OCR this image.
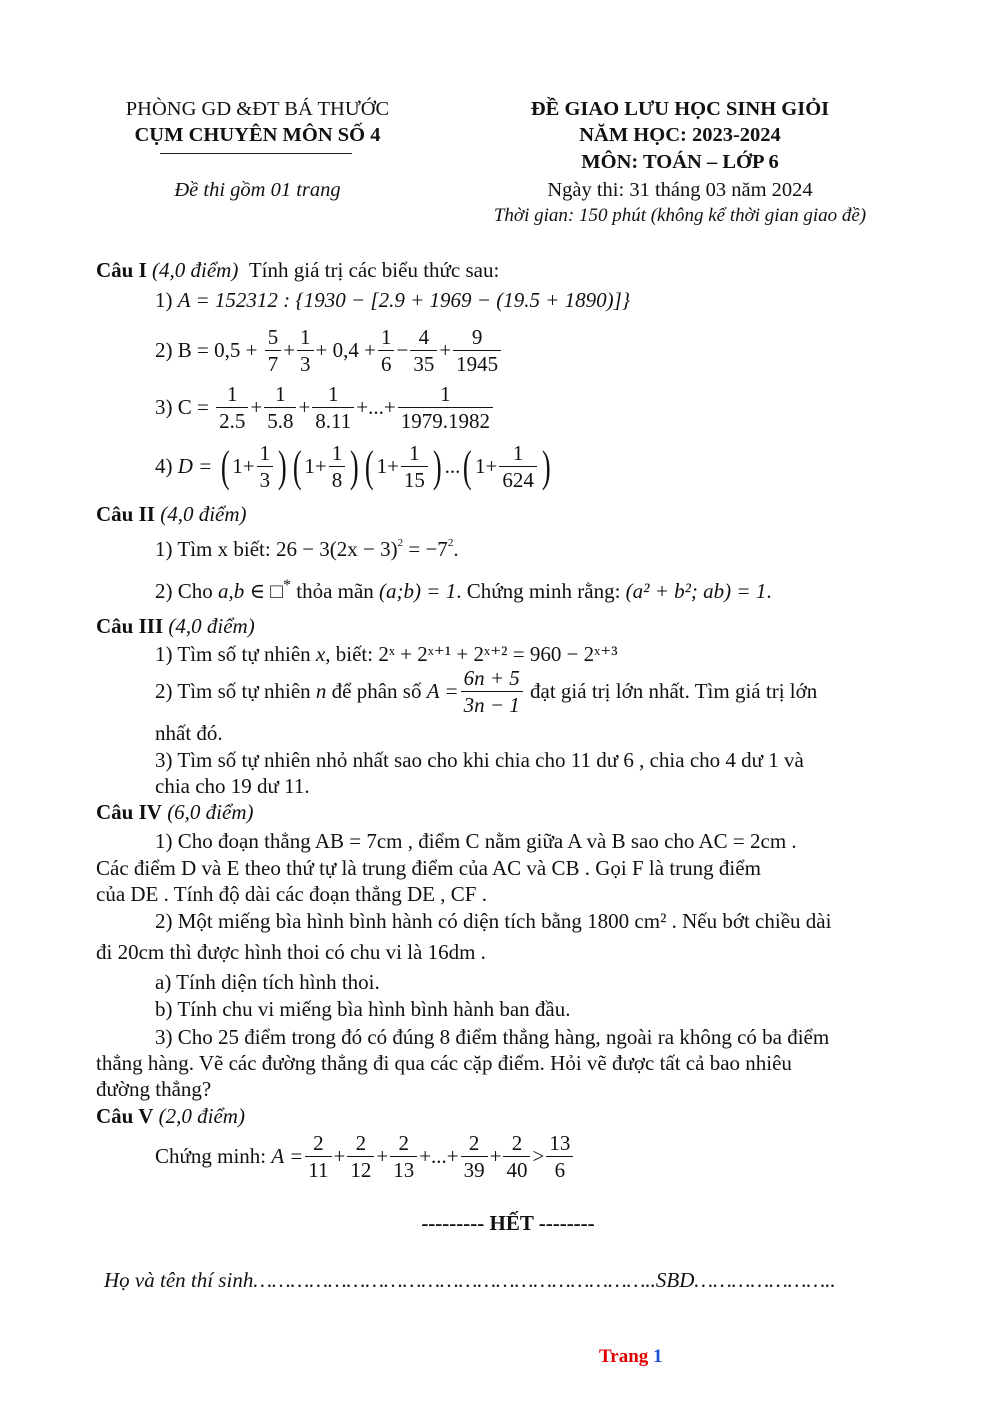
PHÒNG GD &ĐT BÁ THƯỚC
CỤM CHUYÊN MÔN SỐ 4
Đề thi gồm 01 trang
ĐỀ GIAO LƯU HỌC SINH GIỎI
NĂM HỌC: 2023-2024
MÔN: TOÁN – LỚP 6
Ngày thi: 31 tháng 03 năm 2024
Thời gian: 150 phút (không kể thời gian giao đề)
Câu I (4,0 điểm) Tính giá trị các biểu thức sau:
1) A = 152312 : {1930 − [2.9 + 1969 − (19.5 + 1890)]}
2) $B = 0,5 + \frac{5}{7} + \frac{1}{3} + 0,4 + \frac{1}{6} - \frac{4}{35} + \frac{9}{1945}$
3) $C = \frac{1}{2.5} + \frac{1}{5.8} + \frac{1}{8.11}$ +...+ $\frac{1}{1979.1982}$
4) D = ( $1+ \frac{1}{3}$ ) ( $1+ \frac{1}{8}$ ) ( $1+ \frac{1}{15}$ ) ...( $1+ \frac{1}{624}$ )
Câu II (4,0 điểm)
1) Tìm x biết: $26 - 3(2x - 3)^2 = -7^2$.
2) Cho a,b ∈ □* thỏa mãn (a;b) = 1. Chứng minh rằng: (a² + b²; ab) = 1.
Câu III (4,0 điểm)
1) Tìm số tự nhiên x, biết: 2ˣ + 2ˣ⁺¹ + 2ˣ⁺² = 960 − 2ˣ⁺³
2) Tìm số tự nhiên n để phân số $A = \frac{6n + 5}{3n - 1}$ đạt giá trị lớn nhất. Tìm giá trị lớn
nhất đó.
3) Tìm số tự nhiên nhỏ nhất sao cho khi chia cho 11 dư 6 , chia cho 4 dư 1 và
chia cho 19 dư 11.
Câu IV (6,0 điểm)
1) Cho đoạn thẳng AB = 7cm , điểm C nằm giữa A và B sao cho AC = 2cm .
Các điểm D và E theo thứ tự là trung điểm của AC và CB . Gọi F là trung điểm
của DE . Tính độ dài các đoạn thẳng DE , CF .
2) Một miếng bìa hình bình hành có diện tích bằng 1800 cm² . Nếu bớt chiều dài
đi 20cm thì được hình thoi có chu vi là 16dm .
a) Tính diện tích hình thoi.
b) Tính chu vi miếng bìa hình bình hành ban đầu.
3) Cho 25 điểm trong đó có đúng 8 điểm thẳng hàng, ngoài ra không có ba điểm
thẳng hàng. Vẽ các đường thẳng đi qua các cặp điểm. Hỏi vẽ được tất cả bao nhiêu
đường thẳng?
Câu V (2,0 điểm)
Chứng minh: $A = \frac{2}{11} + \frac{2}{12} + \frac{2}{13}$ +...+ $\frac{2}{39} + \frac{2}{40} > \frac{13}{6}$
--------- HẾT --------
Họ và tên thí sinh………………………………………………………..SBD…………………..
Trang 1
